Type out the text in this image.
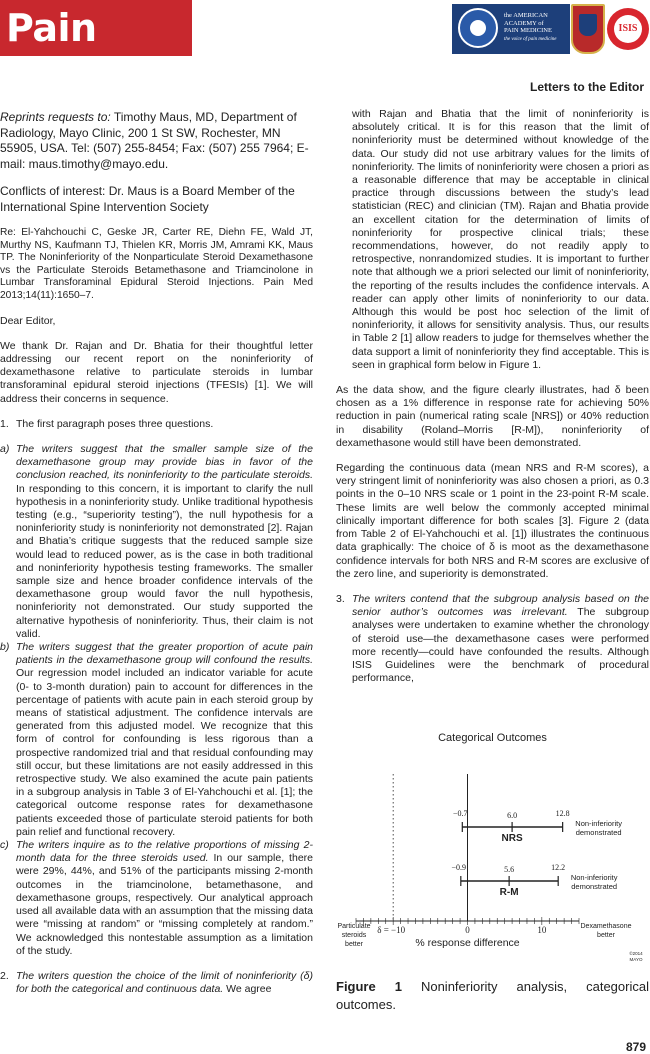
Pain Medicine
the AMERICAN
ACADEMY of
PAIN MEDICINE
the voice of pain medicine
ISIS
Letters to the Editor

Reprints requests to: Timothy Maus, MD, Department of Radiology, Mayo Clinic, 200 1 St SW, Rochester, MN 55905, USA. Tel: (507) 255-8454; Fax: (507) 255 7964; E-mail: maus.timothy@mayo.edu.

Conflicts of interest: Dr. Maus is a Board Member of the International Spine Intervention Society

Re: El-Yahchouchi C, Geske JR, Carter RE, Diehn FE, Wald JT, Murthy NS, Kaufmann TJ, Thielen KR, Morris JM, Amrami KK, Maus TP. The Noninferiority of the Nonparticulate Steroid Dexamethasone vs the Particulate Steroids Betamethasone and Triamcinolone in Lumbar Transforaminal Epidural Steroid Injections. Pain Med 2013;14(11):1650–7.

Dear Editor,

We thank Dr. Rajan and Dr. Bhatia for their thoughtful letter addressing our recent report on the noninferiority of dexamethasone relative to particulate steroids in lumbar transforaminal epidural steroid injections (TFESIs) [1]. We will address their concerns in sequence.

1. The first paragraph poses three questions.
a) The writers suggest that the smaller sample size of the dexamethasone group may provide bias in favor of the conclusion reached, its noninferiority to the particulate steroids. In responding to this concern, it is important to clarify the null hypothesis in a noninferiority study. Unlike traditional hypothesis testing (e.g., “superiority testing”), the null hypothesis for a noninferiority study is noninferiority not demonstrated [2]. Rajan and Bhatia’s critique suggests that the reduced sample size would lead to reduced power, as is the case in both traditional and noninferiority hypothesis testing frameworks. The smaller sample size and hence broader confidence intervals of the dexamethasone group would favor the null hypothesis, noninferiority not demonstrated. Our study supported the alternative hypothesis of noninferiority. Thus, their claim is not valid.
b) The writers suggest that the greater proportion of acute pain patients in the dexamethasone group will confound the results. Our regression model included an indicator variable for acute (0- to 3-month duration) pain to account for differences in the percentage of patients with acute pain in each steroid group by means of statistical adjustment. The confidence intervals are generated from this adjusted model. We recognize that this form of control for confounding is less rigorous than a prospective randomized trial and that residual confounding may still occur, but these limitations are not easily addressed in this retrospective study. We also examined the acute pain patients in a subgroup analysis in Table 3 of El-Yahchouchi et al. [1]; the categorical outcome response rates for dexamethasone patients exceeded those of particulate steroid patients for both pain relief and functional recovery.
c) The writers inquire as to the relative proportions of missing 2-month data for the three steroids used. In our sample, there were 29%, 44%, and 51% of the participants missing 2-month outcomes in the triamcinolone, betamethasone, and dexamethasone groups, respectively. Our analytical approach used all available data with an assumption that the missing data were “missing at random” or “missing completely at random.” We acknowledged this nontestable assumption as a limitation of the study.
2. The writers question the choice of the limit of noninferiority (δ) for both the categorical and continuous data. We agree

with Rajan and Bhatia that the limit of noninferiority is absolutely critical. It is for this reason that the limit of noninferiority must be determined without knowledge of the data. Our study did not use arbitrary values for the limits of noninferiority. The limits of noninferiority were chosen a priori as a reasonable difference that may be acceptable in clinical practice through discussions between the study’s lead statistician (REC) and clinician (TM). Rajan and Bhatia provide an excellent citation for the determination of limits of noninferiority for prospective clinical trials; these recommendations, however, do not readily apply to retrospective, nonrandomized studies. It is important to further note that although we a priori selected our limit of noninferiority, the reporting of the results includes the confidence intervals. A reader can apply other limits of noninferiority to our data. Although this would be post hoc selection of the limit of noninferiority, it allows for sensitivity analysis. Thus, our results in Table 2 [1] allow readers to judge for themselves whether the data support a limit of noninferiority they find acceptable. This is seen in graphical form below in Figure 1.

As the data show, and the figure clearly illustrates, had δ been chosen as a 1% difference in response rate for achieving 50% reduction in pain (numerical rating scale [NRS]) or 40% reduction in disability (Roland–Morris [R-M]), noninferiority of dexamethasone would still have been demonstrated.

Regarding the continuous data (mean NRS and R-M scores), a very stringent limit of noninferiority was also chosen a priori, as 0.3 points in the 0–10 NRS scale or 1 point in the 23-point R-M scale. These limits are well below the commonly accepted minimal clinically important difference for both scales [3]. Figure 2 (data from Table 2 of El-Yahchouchi et al. [1]) illustrates the continuous data graphically: The choice of δ is moot as the dexamethasone confidence intervals for both NRS and R-M scores are exclusive of the zero line, and superiority is demonstrated.

3. The writers contend that the subgroup analysis based on the senior author’s outcomes was irrelevant. The subgroup analyses were undertaken to examine whether the chronology of steroid use—the dexamethasone cases were performed more recently—could have confounded the results. Although ISIS Guidelines were the benchmark of procedural performance,
Categorical Outcomes
0	10
δ = −10
% response difference
Particulate
steroids
better
Dexamethasone
better
©2014
MAYO
−0.7	6.0	12.8
NRS
Non-inferiority
demonstrated
−0.9	5.6	12.2
R-M
Non-inferiority
demonstrated
Figure 1 Noninferiority analysis, categorical outcomes.
879
